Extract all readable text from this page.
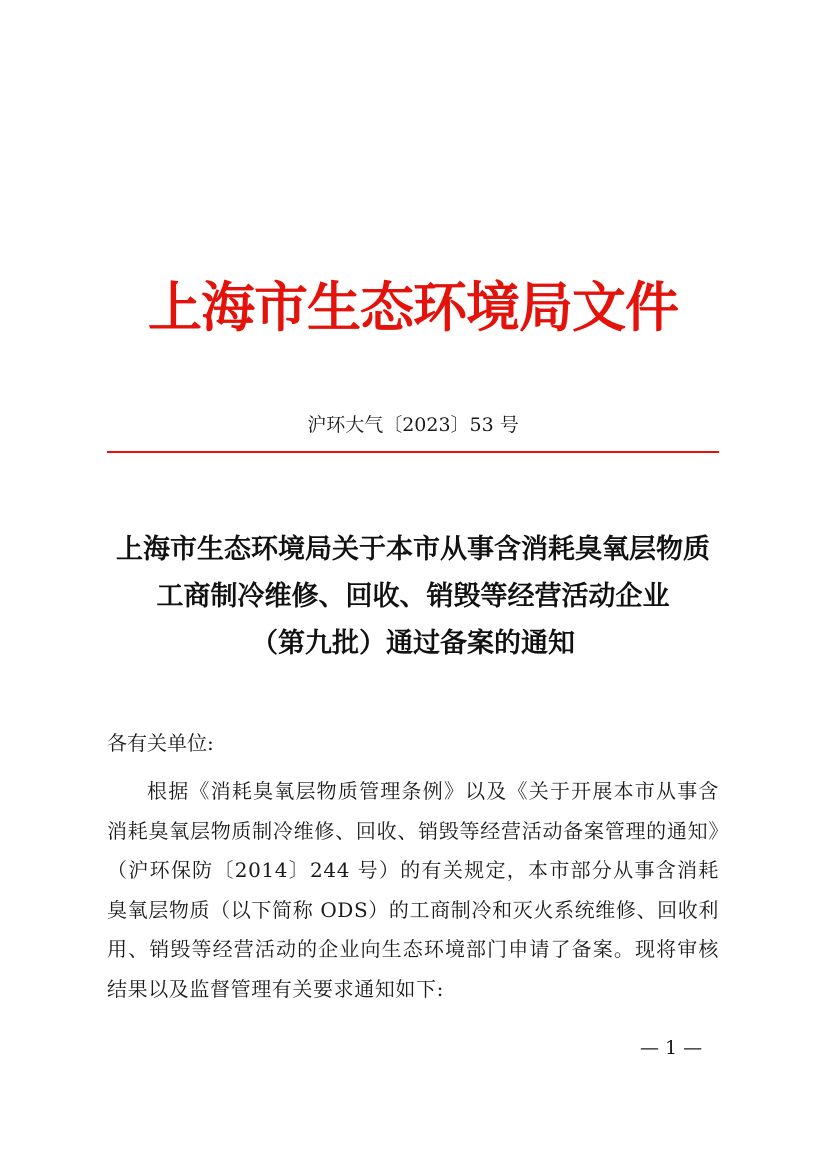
上海市生态环境局文件
沪环大气〔2023〕53 号
上海市生态环境局关于本市从事含消耗臭氧层物质
工商制冷维修、回收、销毁等经营活动企业
（第九批）通过备案的通知
各有关单位:
根据《消耗臭氧层物质管理条例》以及《关于开展本市从事含消耗臭氧层物质制冷维修、回收、销毁等经营活动备案管理的通知》（沪环保防〔2014〕244 号）的有关规定，本市部分从事含消耗臭氧层物质（以下简称 ODS）的工商制冷和灭火系统维修、回收利用、销毁等经营活动的企业向生态环境部门申请了备案。现将审核结果以及监督管理有关要求通知如下:
— 1 —
